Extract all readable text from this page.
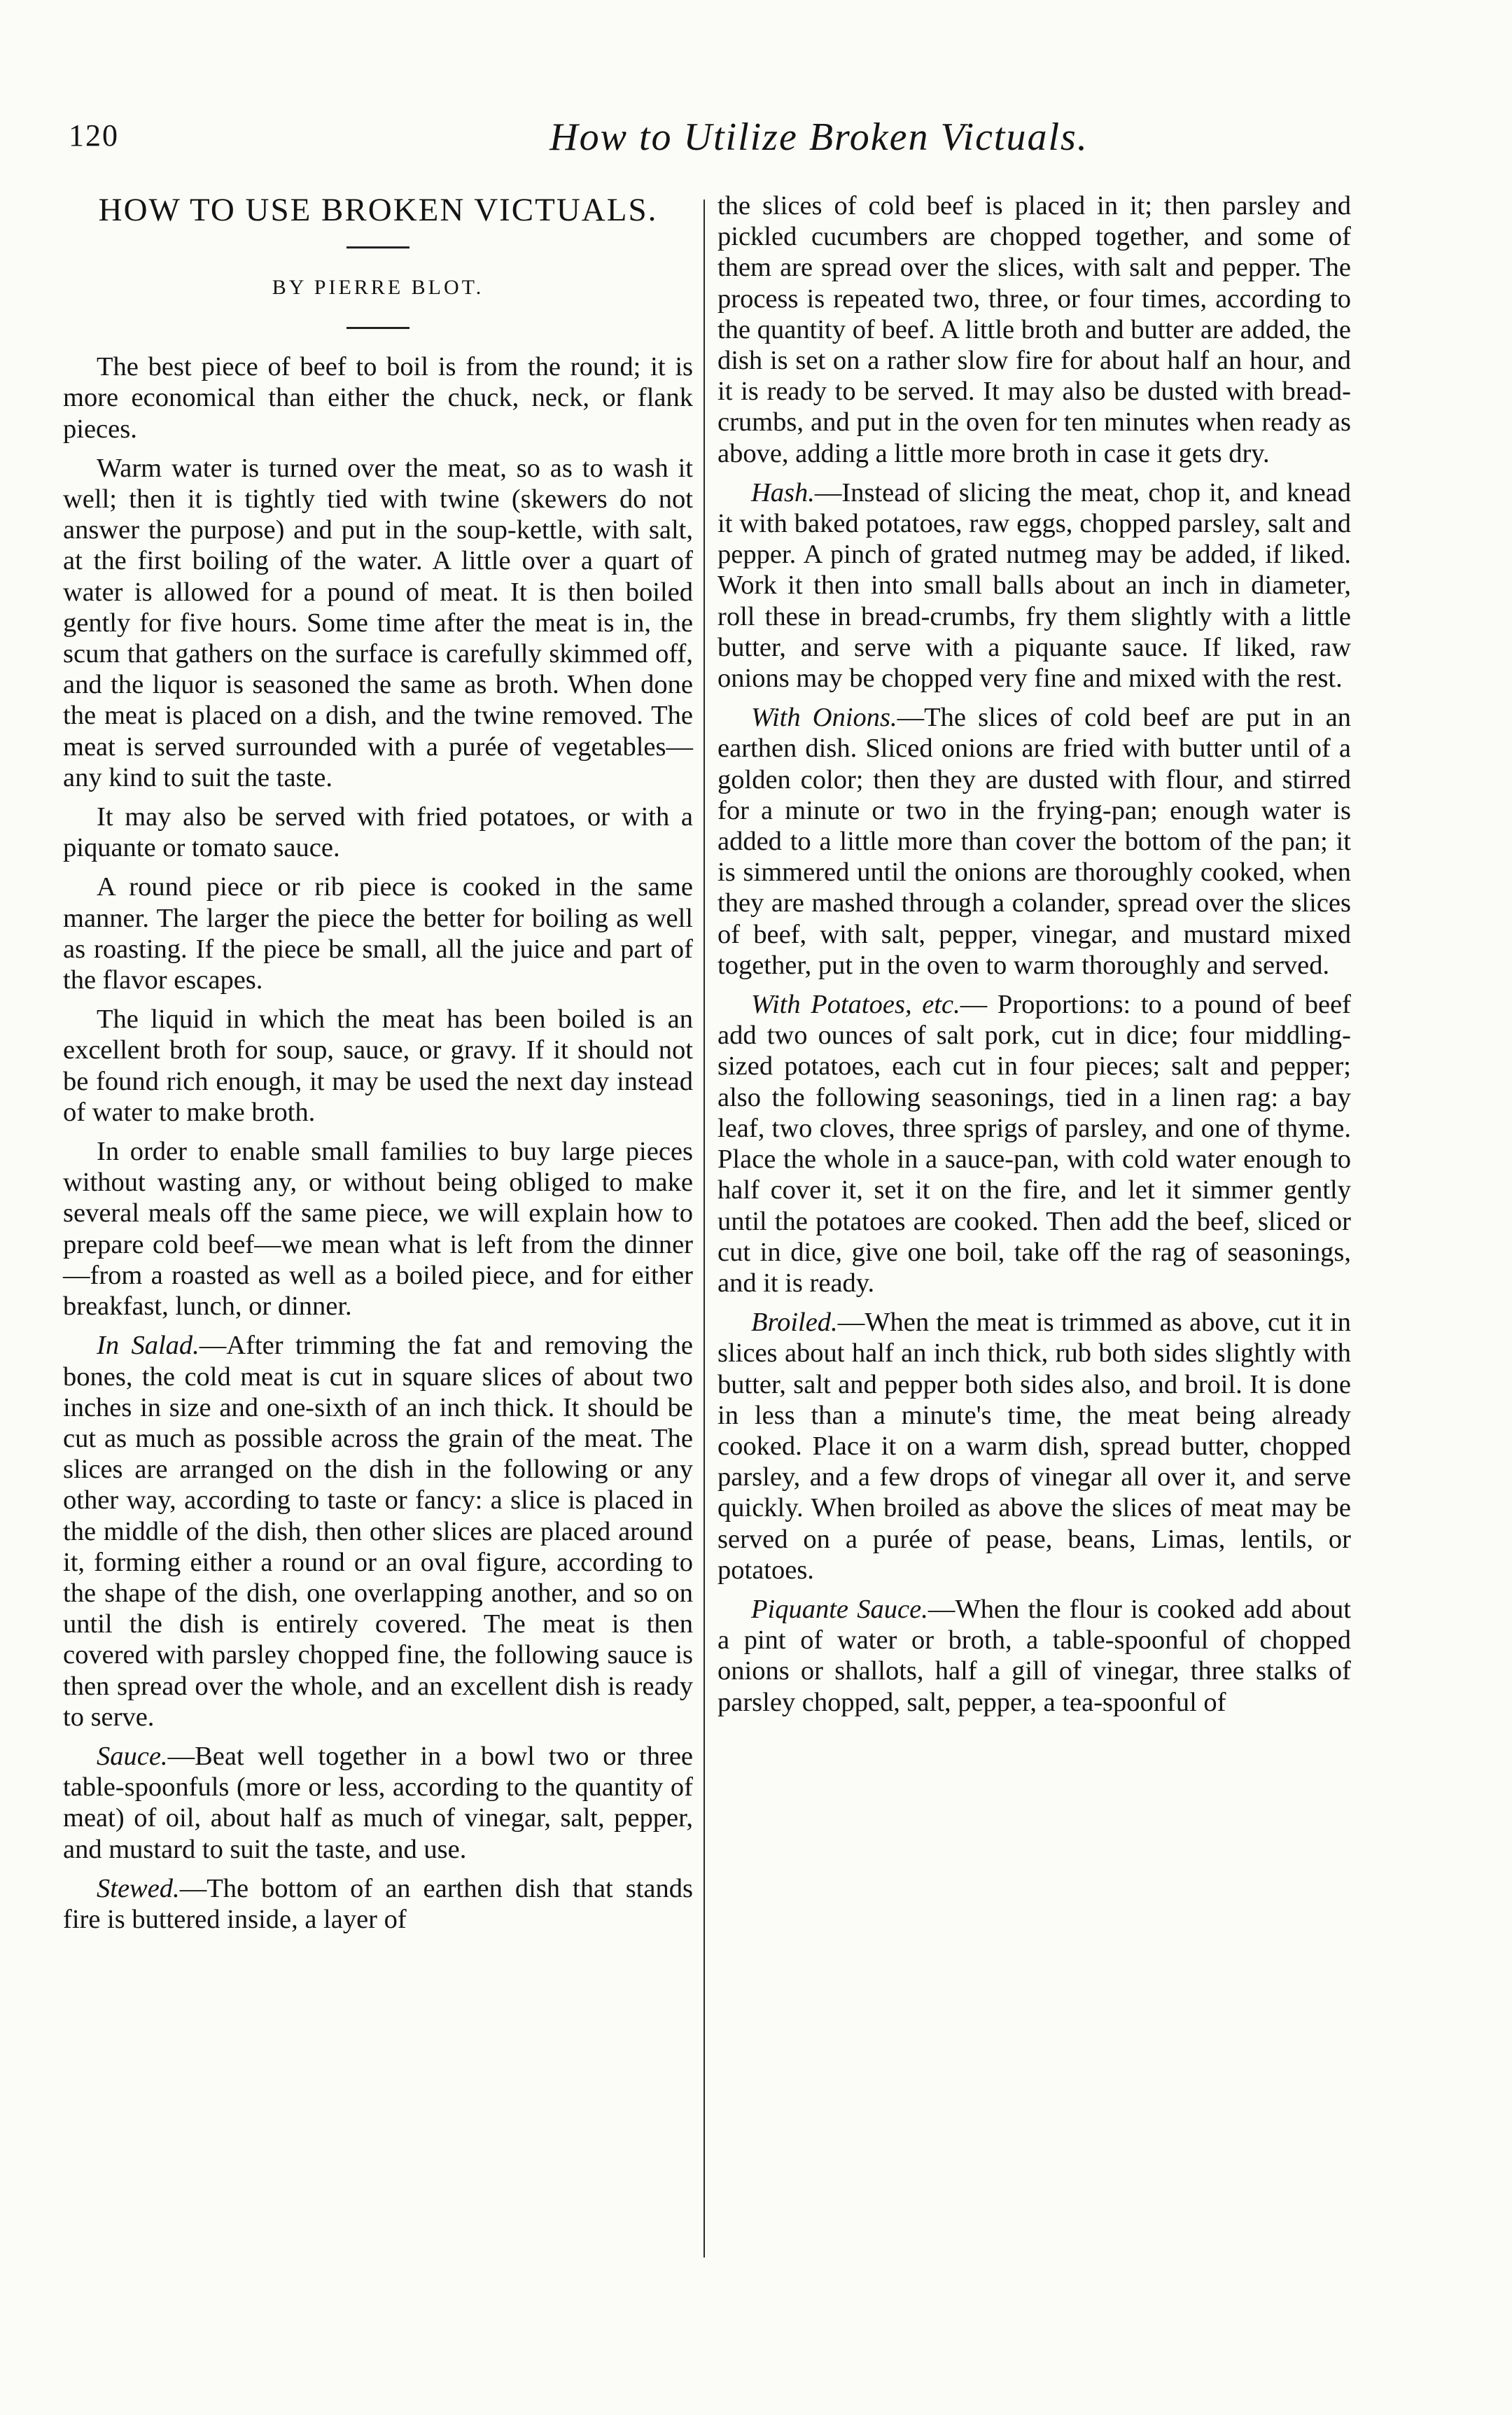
120	How to Utilize Broken Victuals.
HOW TO USE BROKEN VICTUALS.
BY PIERRE BLOT.

The best piece of beef to boil is from the round; it is more economical than either the chuck, neck, or flank pieces.

Warm water is turned over the meat, so as to wash it well; then it is tightly tied with twine (skewers do not answer the purpose) and put in the soup-kettle, with salt, at the first boiling of the water. A little over a quart of water is allowed for a pound of meat. It is then boiled gently for five hours. Some time after the meat is in, the scum that gathers on the surface is carefully skimmed off, and the liquor is seasoned the same as broth. When done the meat is placed on a dish, and the twine removed. The meat is served surrounded with a purée of vegetables—any kind to suit the taste.

It may also be served with fried potatoes, or with a piquante or tomato sauce.

A round piece or rib piece is cooked in the same manner. The larger the piece the better for boiling as well as roasting. If the piece be small, all the juice and part of the flavor escapes.

The liquid in which the meat has been boiled is an excellent broth for soup, sauce, or gravy. If it should not be found rich enough, it may be used the next day instead of water to make broth.

In order to enable small families to buy large pieces without wasting any, or without being obliged to make several meals off the same piece, we will explain how to prepare cold beef—we mean what is left from the dinner—from a roasted as well as a boiled piece, and for either breakfast, lunch, or dinner.

In Salad.—After trimming the fat and removing the bones, the cold meat is cut in square slices of about two inches in size and one-sixth of an inch thick. It should be cut as much as possible across the grain of the meat. The slices are arranged on the dish in the following or any other way, according to taste or fancy: a slice is placed in the middle of the dish, then other slices are placed around it, forming either a round or an oval figure, according to the shape of the dish, one overlapping another, and so on until the dish is entirely covered. The meat is then covered with parsley chopped fine, the following sauce is then spread over the whole, and an excellent dish is ready to serve.

Sauce.—Beat well together in a bowl two or three table-spoonfuls (more or less, according to the quantity of meat) of oil, about half as much of vinegar, salt, pepper, and mustard to suit the taste, and use.

Stewed.—The bottom of an earthen dish that stands fire is buttered inside, a layer of

the slices of cold beef is placed in it; then parsley and pickled cucumbers are chopped together, and some of them are spread over the slices, with salt and pepper. The process is repeated two, three, or four times, according to the quantity of beef. A little broth and butter are added, the dish is set on a rather slow fire for about half an hour, and it is ready to be served. It may also be dusted with bread-crumbs, and put in the oven for ten minutes when ready as above, adding a little more broth in case it gets dry.

Hash.—Instead of slicing the meat, chop it, and knead it with baked potatoes, raw eggs, chopped parsley, salt and pepper. A pinch of grated nutmeg may be added, if liked. Work it then into small balls about an inch in diameter, roll these in bread-crumbs, fry them slightly with a little butter, and serve with a piquante sauce. If liked, raw onions may be chopped very fine and mixed with the rest.

With Onions.—The slices of cold beef are put in an earthen dish. Sliced onions are fried with butter until of a golden color; then they are dusted with flour, and stirred for a minute or two in the frying-pan; enough water is added to a little more than cover the bottom of the pan; it is simmered until the onions are thoroughly cooked, when they are mashed through a colander, spread over the slices of beef, with salt, pepper, vinegar, and mustard mixed together, put in the oven to warm thoroughly and served.

With Potatoes, etc.— Proportions: to a pound of beef add two ounces of salt pork, cut in dice; four middling-sized potatoes, each cut in four pieces; salt and pepper; also the following seasonings, tied in a linen rag: a bay leaf, two cloves, three sprigs of parsley, and one of thyme. Place the whole in a sauce-pan, with cold water enough to half cover it, set it on the fire, and let it simmer gently until the potatoes are cooked. Then add the beef, sliced or cut in dice, give one boil, take off the rag of seasonings, and it is ready.

Broiled.—When the meat is trimmed as above, cut it in slices about half an inch thick, rub both sides slightly with butter, salt and pepper both sides also, and broil. It is done in less than a minute's time, the meat being already cooked. Place it on a warm dish, spread butter, chopped parsley, and a few drops of vinegar all over it, and serve quickly. When broiled as above the slices of meat may be served on a purée of pease, beans, Limas, lentils, or potatoes.

Piquante Sauce.—When the flour is cooked add about a pint of water or broth, a table-spoonful of chopped onions or shallots, half a gill of vinegar, three stalks of parsley chopped, salt, pepper, a tea-spoonful of
